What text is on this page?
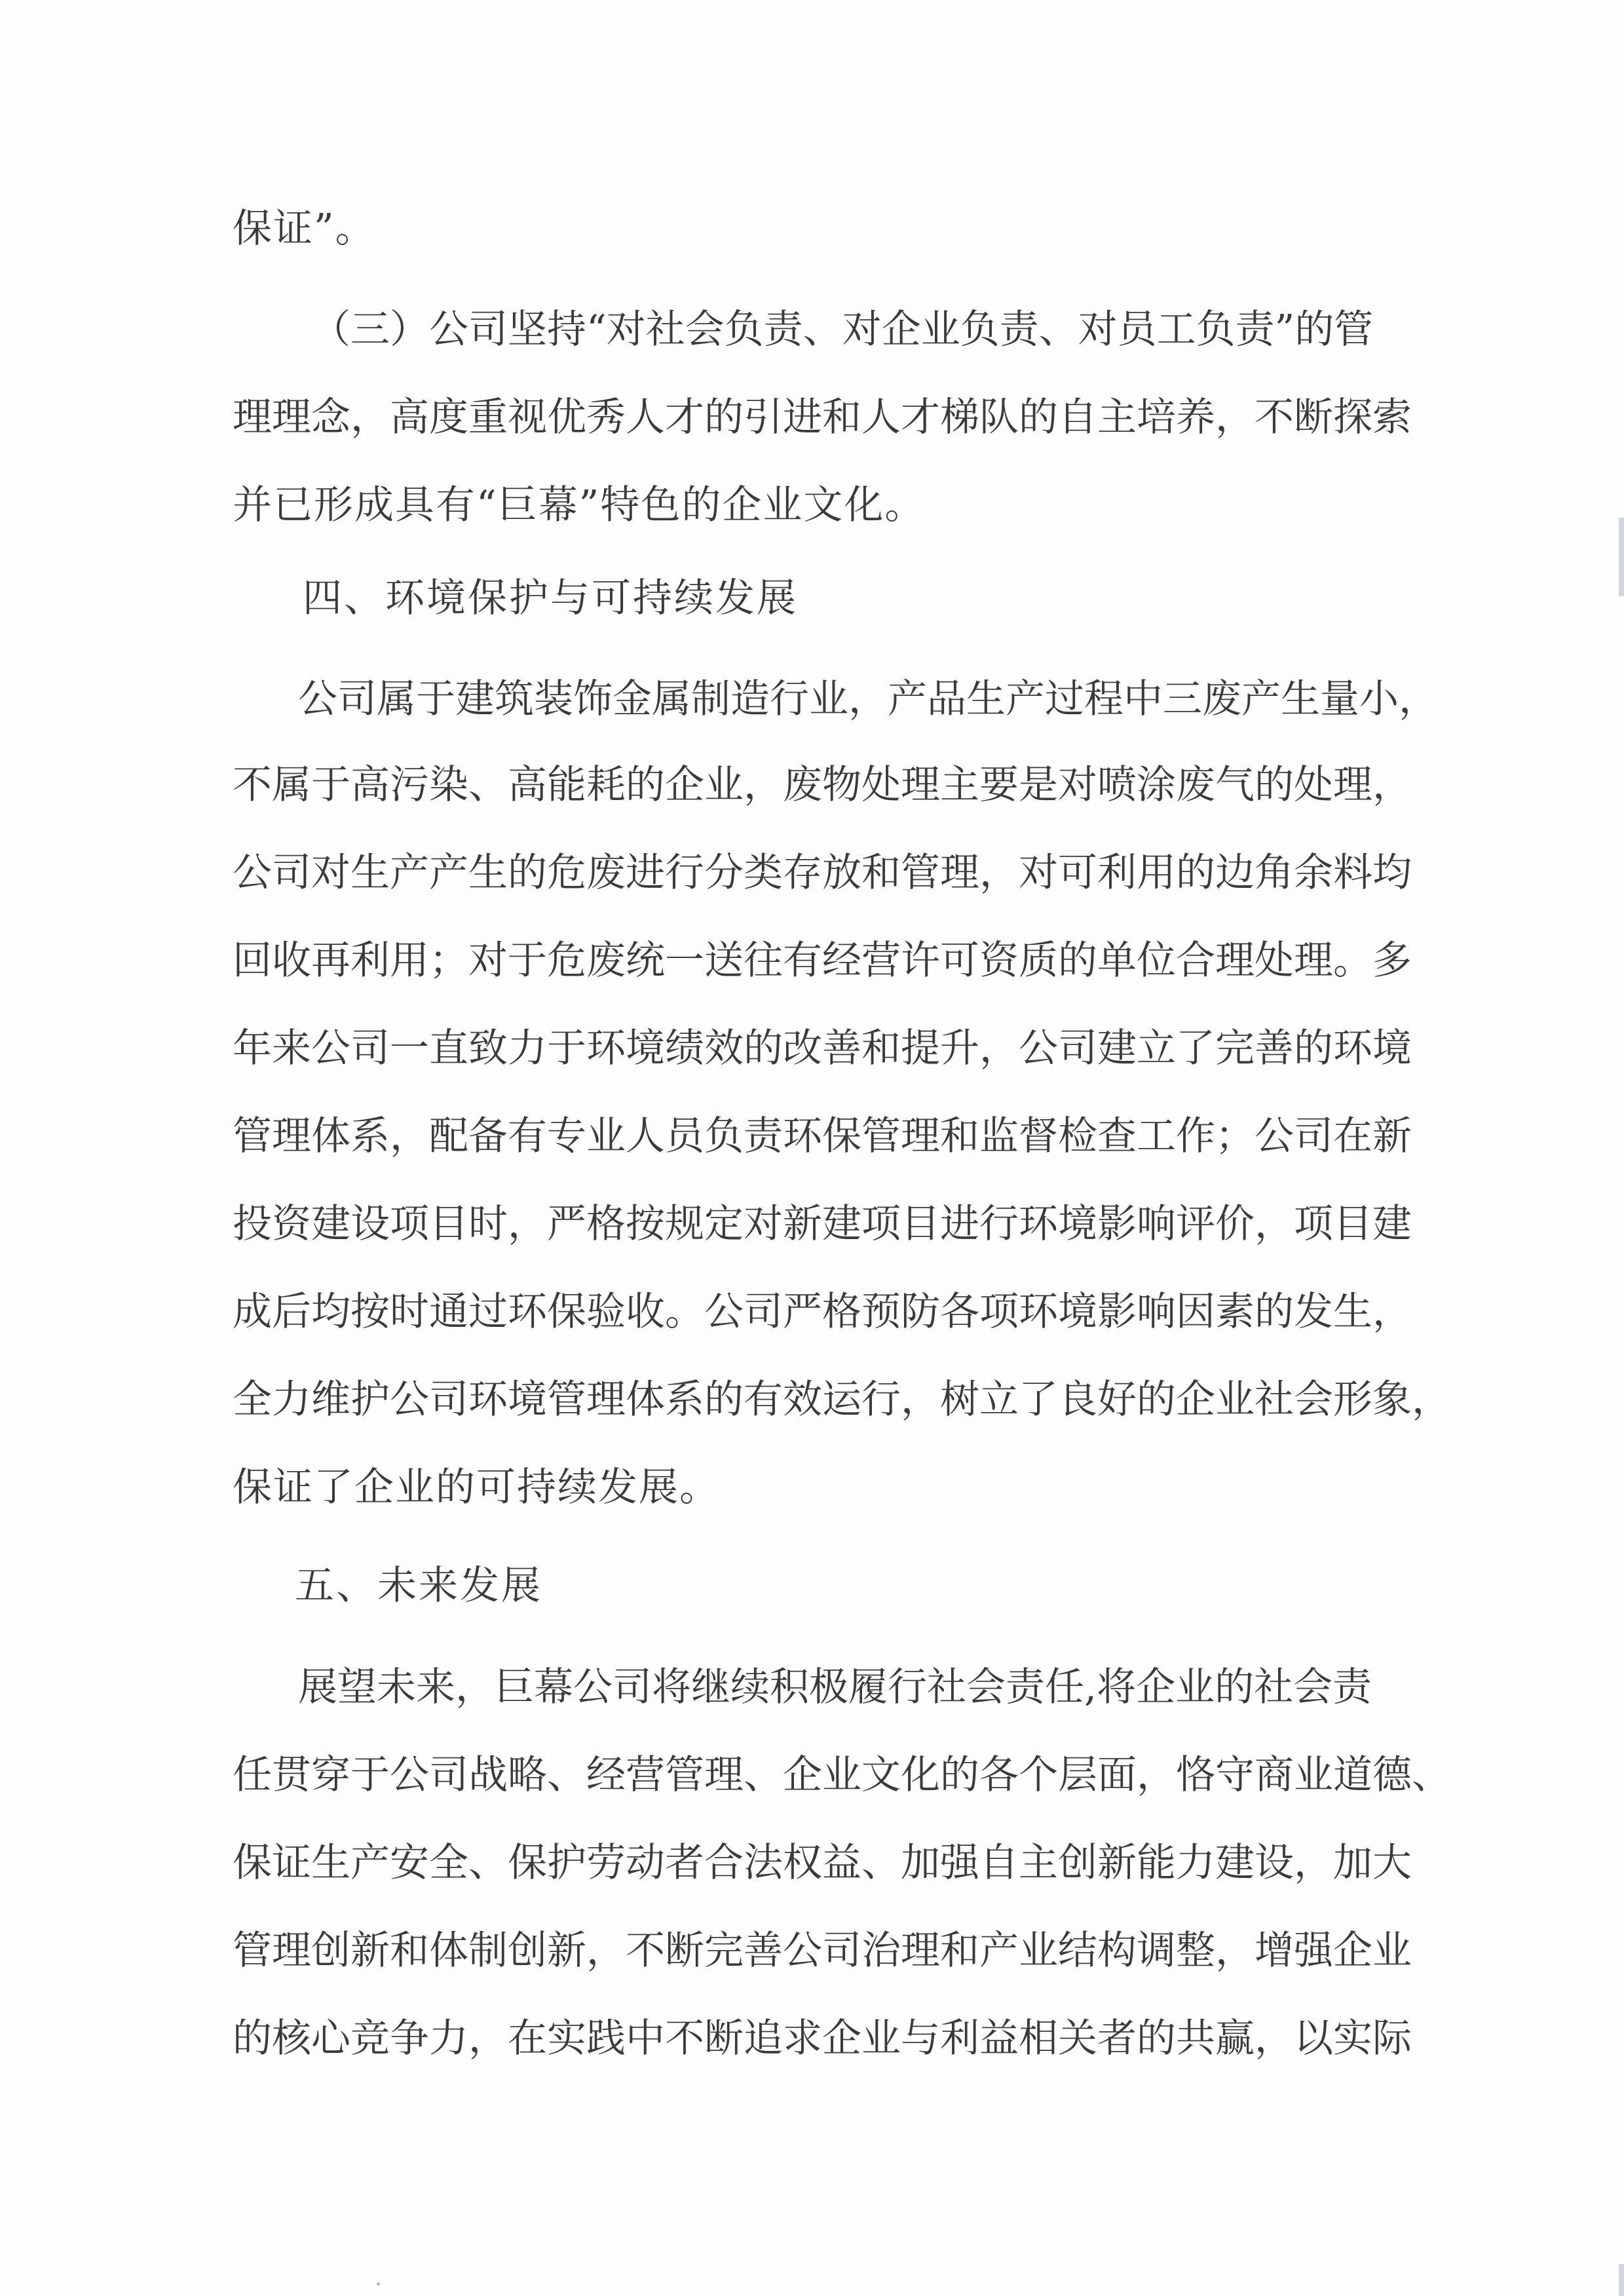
保证”。
（三）公司坚持“对社会负责、对企业负责、对员工负责”的管
理理念，高度重视优秀人才的引进和人才梯队的自主培养，不断探索
并已形成具有“巨幕”特色的企业文化。
四、环境保护与可持续发展
公司属于建筑装饰金属制造行业，产品生产过程中三废产生量小，
不属于高污染、高能耗的企业，废物处理主要是对喷涂废气的处理，
公司对生产产生的危废进行分类存放和管理，对可利用的边角余料均
回收再利用；对于危废统一送往有经营许可资质的单位合理处理。多
年来公司一直致力于环境绩效的改善和提升，公司建立了完善的环境
管理体系，配备有专业人员负责环保管理和监督检查工作；公司在新
投资建设项目时，严格按规定对新建项目进行环境影响评价，项目建
成后均按时通过环保验收。公司严格预防各项环境影响因素的发生，
全力维护公司环境管理体系的有效运行，树立了良好的企业社会形象，
保证了企业的可持续发展。
五、未来发展
展望未来，巨幕公司将继续积极履行社会责任,将企业的社会责
任贯穿于公司战略、经营管理、企业文化的各个层面，恪守商业道德、
保证生产安全、保护劳动者合法权益、加强自主创新能力建设，加大
管理创新和体制创新，不断完善公司治理和产业结构调整，增强企业
的核心竞争力，在实践中不断追求企业与利益相关者的共赢，以实际
